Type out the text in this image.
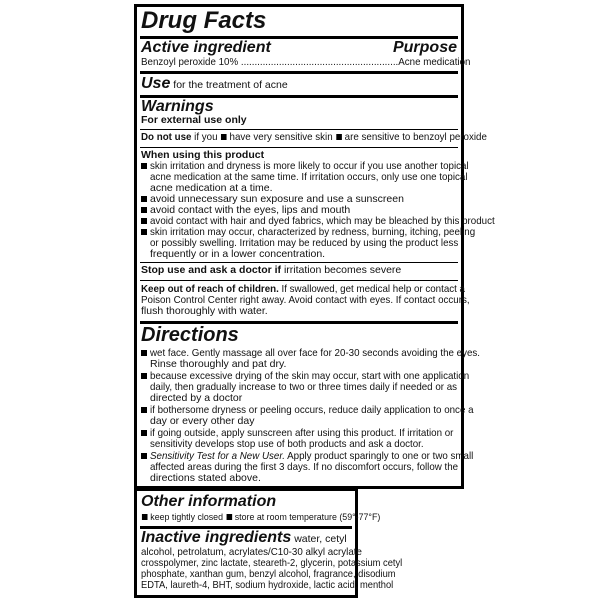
Drug Facts
Active ingredient	Purpose
Benzoyl peroxide 10% ..........................................................Acne medication
Use for the treatment of acne
Warnings
For external use only
Do not use if you have very sensitive skin are sensitive to benzoyl peroxide
When using this product
skin irritation and dryness is more likely to occur if you use another topical
acne medication at the same time. If irritation occurs, only use one topical
acne medication at a time.
avoid unnecessary sun exposure and use a sunscreen
avoid contact with the eyes, lips and mouth
avoid contact with hair and dyed fabrics, which may be bleached by this product
skin irritation may occur, characterized by redness, burning, itching, peeling
or possibly swelling. Irritation may be reduced by using the product less
frequently or in a lower concentration.
Stop use and ask a doctor if irritation becomes severe
Keep out of reach of children. If swallowed, get medical help or contact a
Poison Control Center right away. Avoid contact with eyes. If contact occurs,
flush thoroughly with water.
Directions
wet face. Gently massage all over face for 20-30 seconds avoiding the eyes.
Rinse thoroughly and pat dry.
because excessive drying of the skin may occur, start with one application
daily, then gradually increase to two or three times daily if needed or as
directed by a doctor
if bothersome dryness or peeling occurs, reduce daily application to once a
day or every other day
if going outside, apply sunscreen after using this product. If irritation or
sensitivity develops stop use of both products and ask a doctor.
Sensitivity Test for a New User. Apply product sparingly to one or two small
affected areas during the first 3 days. If no discomfort occurs, follow the
directions stated above.
Other information
keep tightly closed store at room temperature (59°-77°F)
Inactive ingredients water, cetyl
alcohol, petrolatum, acrylates/C10-30 alkyl acrylate
crosspolymer, zinc lactate, steareth-2, glycerin, potassium cetyl
phosphate, xanthan gum, benzyl alcohol, fragrance, disodium
EDTA, laureth-4, BHT, sodium hydroxide, lactic acid, menthol
